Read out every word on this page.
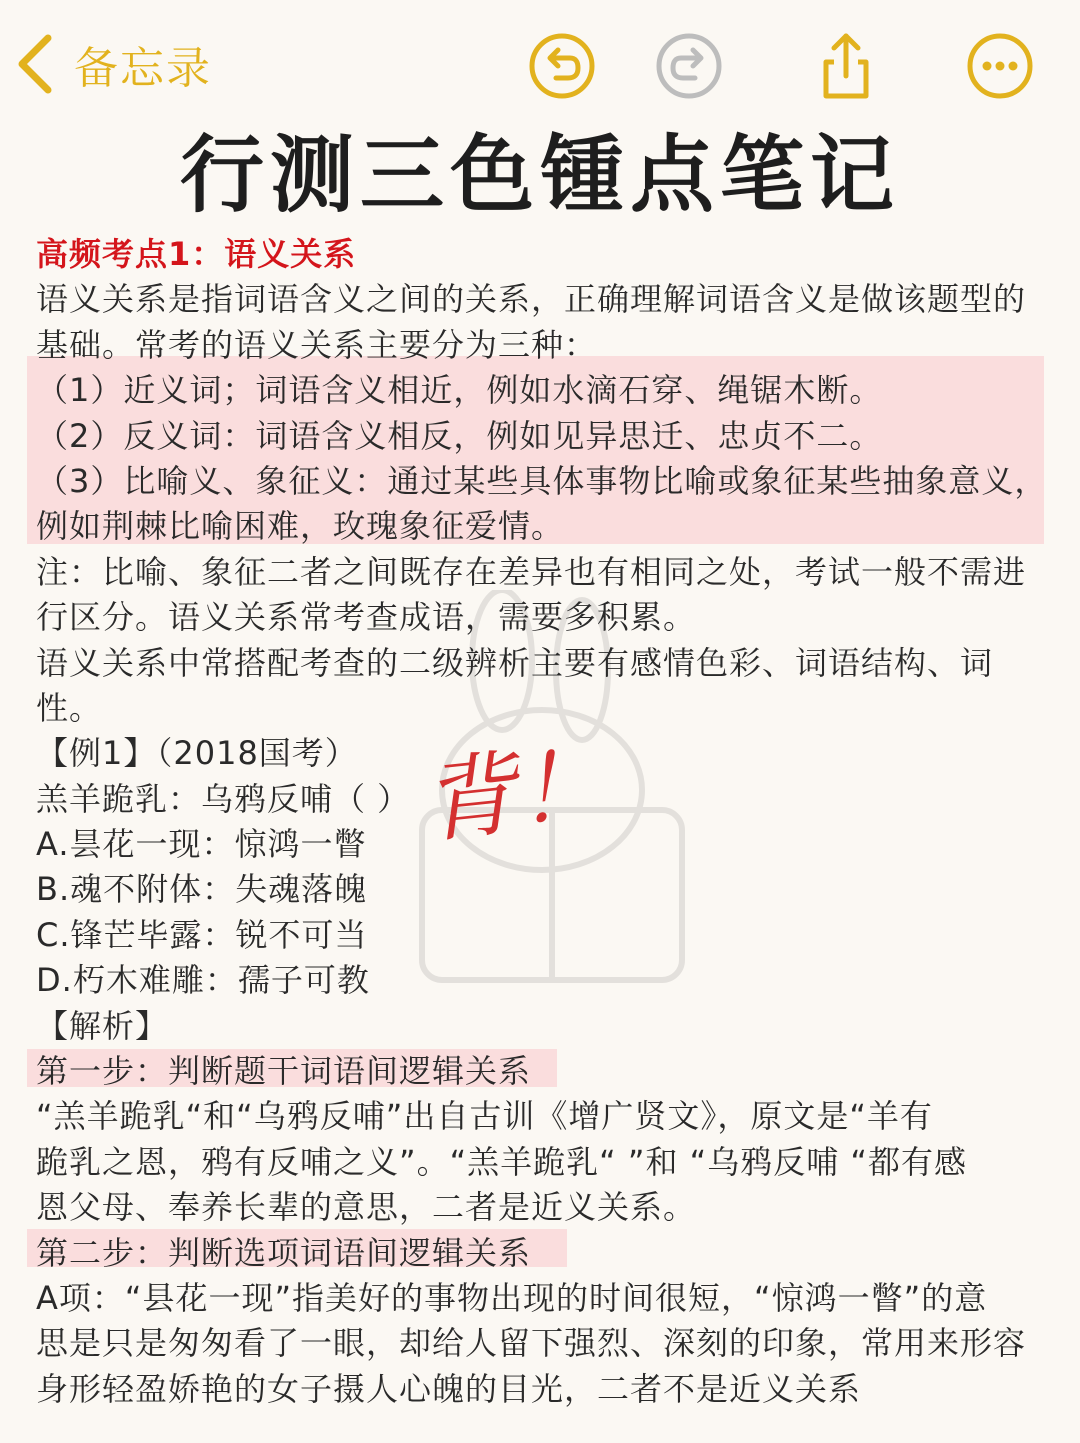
备忘录
行测三色锺点笔记
高频考点1：语义关系
语义关系是指词语含义之间的关系，正确理解词语含义是做该题型的
基础。常考的语义关系主要分为三种：
（1）近义词；词语含义相近，例如水滴石穿、绳锯木断。
（2）反义词：词语含义相反，例如见异思迁、忠贞不二。
（3）比喻义、象征义：通过某些具体事物比喻或象征某些抽象意义，
例如荆棘比喻困难，玫瑰象征爱情。
注：比喻、象征二者之间既存在差异也有相同之处，考试一般不需进
行区分。语义关系常考查成语，需要多积累。
语义关系中常搭配考查的二级辨析主要有感情色彩、词语结构、词
性。
【例1】（2018国考）
羔羊跪乳：乌鸦反哺（ ）
A.昙花一现：惊鸿一瞥
B.魂不附体：失魂落魄
C.锋芒毕露：锐不可当
D.朽木难雕：孺子可教
【解析】
第一步：判断题干词语间逻辑关系
“羔羊跪乳“和“乌鸦反哺”出自古训《增广贤文》，原文是“羊有
跪乳之恩，鸦有反哺之义”。“羔羊跪乳“ ”和 “乌鸦反哺 “都有感
恩父母、奉养长辈的意思，二者是近义关系。
第二步：判断选项词语间逻辑关系
A项：“县花一现”指美好的事物出现的时间很短，“惊鸿一瞥”的意
思是只是匆匆看了一眼，却给人留下强烈、深刻的印象，常用来形容
身形轻盈娇艳的女子摄人心魄的目光，二者不是近义关系
背！
